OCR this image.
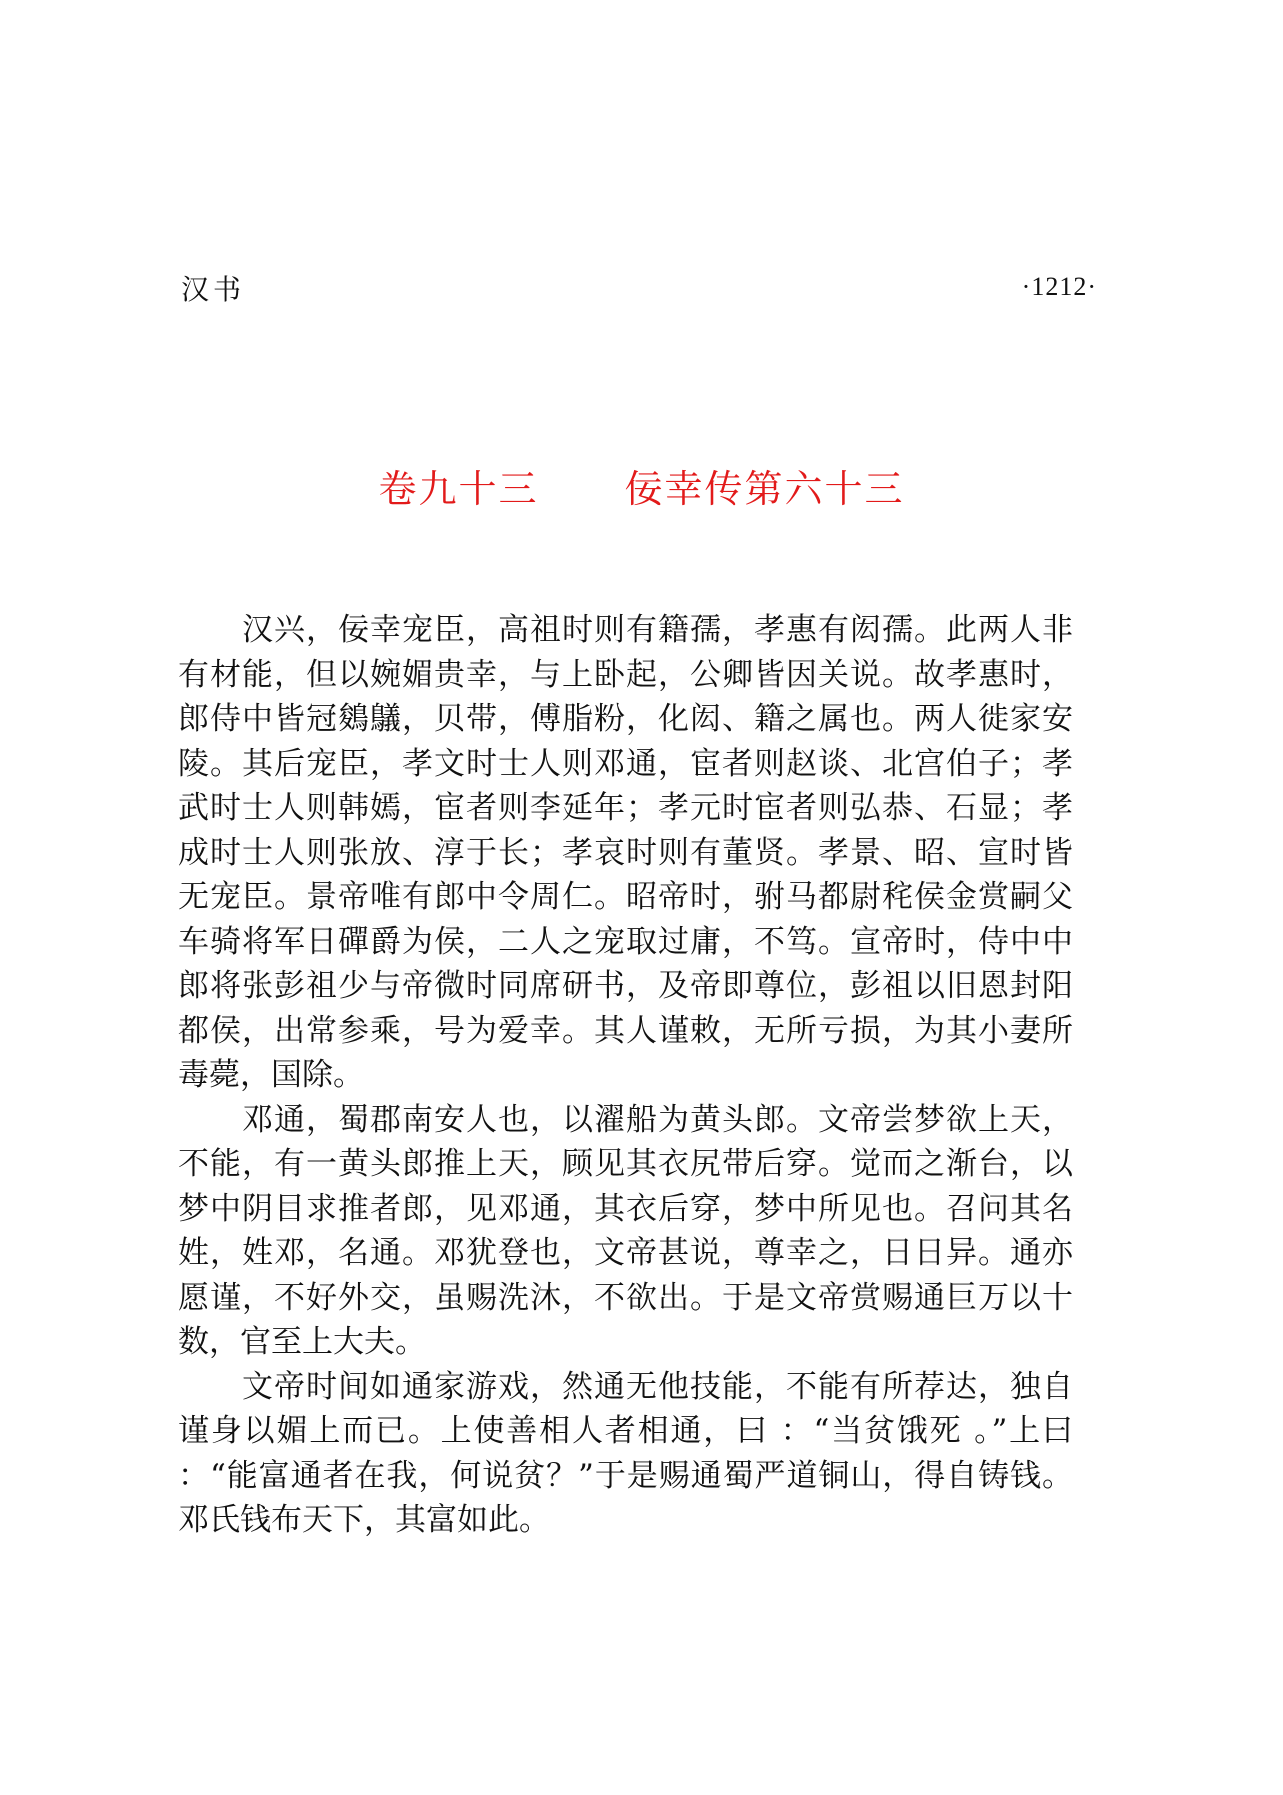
汉书	·1212·
卷九十三 佞幸传第六十三

汉兴，佞幸宠臣，高祖时则有籍孺，孝惠有闳孺。此两人非有材能，但以婉媚贵幸，与上卧起，公卿皆因关说。故孝惠时，郎侍中皆冠鵕鸃，贝带，傅脂粉，化闳、籍之属也。两人徙家安陵。其后宠臣，孝文时士人则邓通，宦者则赵谈、北宫伯子；孝武时士人则韩嫣，宦者则李延年；孝元时宦者则弘恭、石显；孝成时士人则张放、淳于长；孝哀时则有董贤。孝景、昭、宣时皆无宠臣。景帝唯有郎中令周仁。昭帝时，驸马都尉秺侯金赏嗣父车骑将军日磾爵为侯，二人之宠取过庸，不笃。宣帝时，侍中中郎将张彭祖少与帝微时同席研书，及帝即尊位，彭祖以旧恩封阳都侯，出常参乘，号为爱幸。其人谨敕，无所亏损，为其小妻所毒薨，国除。

邓通，蜀郡南安人也，以濯船为黄头郎。文帝尝梦欲上天，不能，有一黄头郎推上天，顾见其衣尻带后穿。觉而之渐台，以梦中阴目求推者郎，见邓通，其衣后穿，梦中所见也。召问其名姓，姓邓，名通。邓犹登也，文帝甚说，尊幸之，日日异。通亦愿谨，不好外交，虽赐洗沐，不欲出。于是文帝赏赐通巨万以十数，官至上大夫。

文帝时间如通家游戏，然通无他技能，不能有所荐达，独自谨身以媚上而已。上使善相人者相通，曰 ：“当贫饿死 。”上曰 ：“能富通者在我，何说贫？”于是赐通蜀严道铜山，得自铸钱。邓氏钱布天下，其富如此。
